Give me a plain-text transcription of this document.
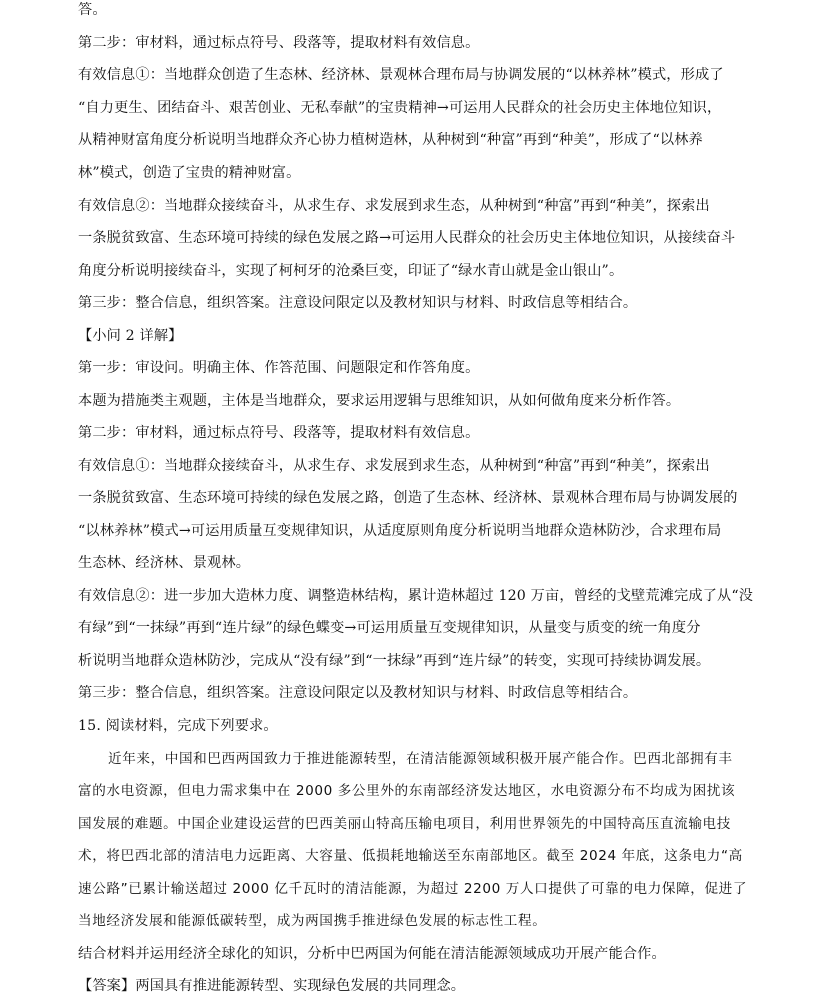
答。
第二步：审材料，通过标点符号、段落等，提取材料有效信息。
有效信息①：当地群众创造了生态林、经济林、景观林合理布局与协调发展的“以林养林”模式，形成了
“自力更生、团结奋斗、艰苦创业、无私奉献”的宝贵精神→可运用人民群众的社会历史主体地位知识，
从精神财富角度分析说明当地群众齐心协力植树造林，从种树到“种富”再到“种美”，形成了“以林养
林”模式，创造了宝贵的精神财富。
有效信息②：当地群众接续奋斗，从求生存、求发展到求生态，从种树到“种富”再到“种美”，探索出
一条脱贫致富、生态环境可持续的绿色发展之路→可运用人民群众的社会历史主体地位知识，从接续奋斗
角度分析说明接续奋斗，实现了柯柯牙的沧桑巨变，印证了“绿水青山就是金山银山”。
第三步：整合信息，组织答案。注意设问限定以及教材知识与材料、时政信息等相结合。
【小问 2 详解】
第一步：审设问。明确主体、作答范围、问题限定和作答角度。
本题为措施类主观题，主体是当地群众，要求运用逻辑与思维知识，从如何做角度来分析作答。
第二步：审材料，通过标点符号、段落等，提取材料有效信息。
有效信息①：当地群众接续奋斗，从求生存、求发展到求生态，从种树到“种富”再到“种美”，探索出
一条脱贫致富、生态环境可持续的绿色发展之路，创造了生态林、经济林、景观林合理布局与协调发展的
“以林养林”模式→可运用质量互变规律知识，从适度原则角度分析说明当地群众造林防沙，合求理布局
生态林、经济林、景观林。
有效信息②：进一步加大造林力度、调整造林结构，累计造林超过 120 万亩，曾经的戈壁荒滩完成了从“没
有绿”到“一抹绿”再到“连片绿”的绿色蝶变→可运用质量互变规律知识，从量变与质变的统一角度分
析说明当地群众造林防沙，完成从“没有绿”到“一抹绿”再到“连片绿”的转变，实现可持续协调发展。
第三步：整合信息，组织答案。注意设问限定以及教材知识与材料、时政信息等相结合。
15. 阅读材料，完成下列要求。
近年来，中国和巴西两国致力于推进能源转型，在清洁能源领域积极开展产能合作。巴西北部拥有丰
富的水电资源，但电力需求集中在 2000 多公里外的东南部经济发达地区，水电资源分布不均成为困扰该
国发展的难题。中国企业建设运营的巴西美丽山特高压输电项目，利用世界领先的中国特高压直流输电技
术，将巴西北部的清洁电力远距离、大容量、低损耗地输送至东南部地区。截至 2024 年底，这条电力“高
速公路”已累计输送超过 2000 亿千瓦时的清洁能源，为超过 2200 万人口提供了可靠的电力保障，促进了
当地经济发展和能源低碳转型，成为两国携手推进绿色发展的标志性工程。
结合材料并运用经济全球化的知识，分析中巴两国为何能在清洁能源领域成功开展产能合作。
【答案】两国具有推进能源转型、实现绿色发展的共同理念。
